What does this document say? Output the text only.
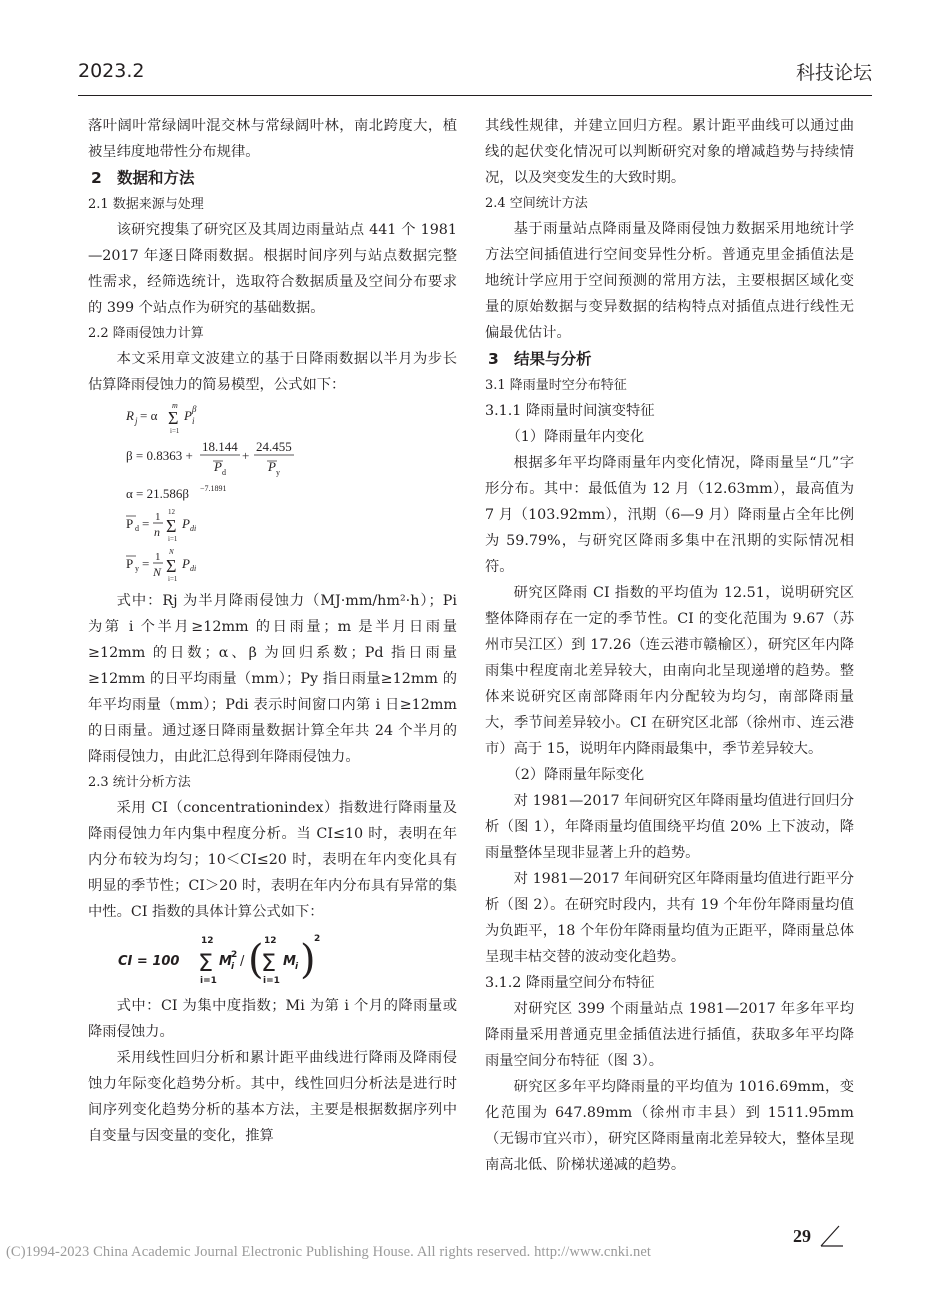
2023.2	科技论坛

落叶阔叶常绿阔叶混交林与常绿阔叶林，南北跨度大，植被呈纬度地带性分布规律。

2 数据和方法
2.1 数据来源与处理

该研究搜集了研究区及其周边雨量站点 441 个 1981—2017 年逐日降雨数据。根据时间序列与站点数据完整性需求，经筛选统计，选取符合数据质量及空间分布要求的 399 个站点作为研究的基础数据。

2.2 降雨侵蚀力计算

本文采用章文波建立的基于日降雨数据以半月为步长估算降雨侵蚀力的简易模型，公式如下：

R j = α
m
Σ
i=1
P i
β
β = 0.8363 +
18.144
P d
+
24.455
P y
α = 21.586β −7.1891
P d = 1
n
12
Σ
i=1
P di
P y = 1
N
N
Σ
i=1
P di

式中：Rj 为半月降雨侵蚀力（MJ·mm/hm²·h）；Pi 为第 i 个半月≥12mm 的日雨量；m 是半月日雨量≥12mm 的日数；α、β 为回归系数；Pd 指日雨量≥12mm 的日平均雨量（mm）；Py 指日雨量≥12mm 的年平均雨量（mm）；Pdi 表示时间窗口内第 i 日≥12mm 的日雨量。通过逐日降雨量数据计算全年共 24 个半月的降雨侵蚀力，由此汇总得到年降雨侵蚀力。

2.3 统计分析方法

采用 CI（concentrationindex）指数进行降雨量及降雨侵蚀力年内集中程度分析。当 CI≤10 时，表明在年内分布较为均匀；10＜CI≤20 时，表明在年内变化具有明显的季节性；CI＞20 时，表明在年内分布具有异常的集中性。CI 指数的具体计算公式如下：

CI = 100
12
Σ
i=1
M i
2 / ( 12
Σ
i=1
M i )
2

式中：CI 为集中度指数；Mi 为第 i 个月的降雨量或降雨侵蚀力。

采用线性回归分析和累计距平曲线进行降雨及降雨侵蚀力年际变化趋势分析。其中，线性回归分析法是进行时间序列变化趋势分析的基本方法，主要是根据数据序列中自变量与因变量的变化，推算

其线性规律，并建立回归方程。累计距平曲线可以通过曲线的起伏变化情况可以判断研究对象的增减趋势与持续情况，以及突变发生的大致时期。

2.4 空间统计方法

基于雨量站点降雨量及降雨侵蚀力数据采用地统计学方法空间插值进行空间变异性分析。普通克里金插值法是地统计学应用于空间预测的常用方法，主要根据区域化变量的原始数据与变异数据的结构特点对插值点进行线性无偏最优估计。

3 结果与分析
3.1 降雨量时空分布特征
3.1.1 降雨量时间演变特征
（1）降雨量年内变化

根据多年平均降雨量年内变化情况，降雨量呈“几”字形分布。其中：最低值为 12 月（12.63mm），最高值为 7 月（103.92mm），汛期（6—9 月）降雨量占全年比例为 59.79%，与研究区降雨多集中在汛期的实际情况相符。

研究区降雨 CI 指数的平均值为 12.51，说明研究区整体降雨存在一定的季节性。CI 的变化范围为 9.67（苏州市吴江区）到 17.26（连云港市赣榆区），研究区年内降雨集中程度南北差异较大，由南向北呈现递增的趋势。整体来说研究区南部降雨年内分配较为均匀，南部降雨量大，季节间差异较小。CI 在研究区北部（徐州市、连云港市）高于 15，说明年内降雨最集中，季节差异较大。

（2）降雨量年际变化

对 1981—2017 年间研究区年降雨量均值进行回归分析（图 1），年降雨量均值围绕平均值 20% 上下波动，降雨量整体呈现非显著上升的趋势。

对 1981—2017 年间研究区年降雨量均值进行距平分析（图 2）。在研究时段内，共有 19 个年份年降雨量均值为负距平，18 个年份年降雨量均值为正距平，降雨量总体呈现丰枯交替的波动变化趋势。

3.1.2 降雨量空间分布特征

对研究区 399 个雨量站点 1981—2017 年多年平均降雨量采用普通克里金插值法进行插值，获取多年平均降雨量空间分布特征（图 3）。

研究区多年平均降雨量的平均值为 1016.69mm，变化范围为 647.89mm（徐州市丰县）到 1511.95mm（无锡市宜兴市），研究区降雨量南北差异较大，整体呈现南高北低、阶梯状递减的趋势。

29
(C)1994-2023 China Academic Journal Electronic Publishing House. All rights reserved. http://www.cnki.net
